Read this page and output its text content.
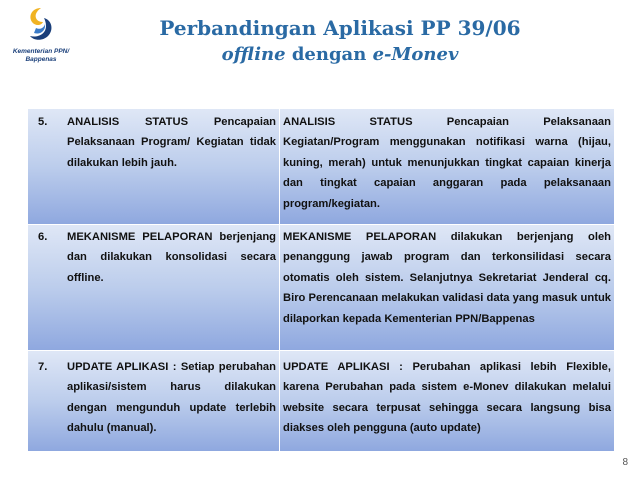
Kementerian PPN/
Bappenas
Perbandingan Aplikasi PP 39/06
offline dengan e-Monev
5.	ANALISIS STATUS Pencapaian Pelaksanaan Program/ Kegiatan tidak dilakukan lebih jauh.
ANALISIS STATUS Pencapaian Pelaksanaan Kegiatan/Program menggunakan notifikasi warna (hijau, kuning, merah) untuk menunjukkan tingkat capaian kinerja dan tingkat capaian anggaran pada pelaksanaan program/kegiatan.
6.	MEKANISME PELAPORAN berjenjang dan dilakukan konsolidasi secara offline.
MEKANISME PELAPORAN dilakukan berjenjang oleh penanggung jawab program dan terkonsilidasi secara otomatis oleh sistem. Selanjutnya Sekretariat Jenderal cq. Biro Perencanaan melakukan validasi data yang masuk untuk dilaporkan kepada Kementerian PPN/Bappenas
7.	UPDATE APLIKASI : Setiap perubahan aplikasi/sistem harus dilakukan dengan mengunduh update terlebih dahulu (manual).
UPDATE APLIKASI : Perubahan aplikasi lebih Flexible, karena Perubahan pada sistem e-Monev dilakukan melalui website secara terpusat sehingga secara langsung bisa diakses oleh pengguna (auto update)
8
